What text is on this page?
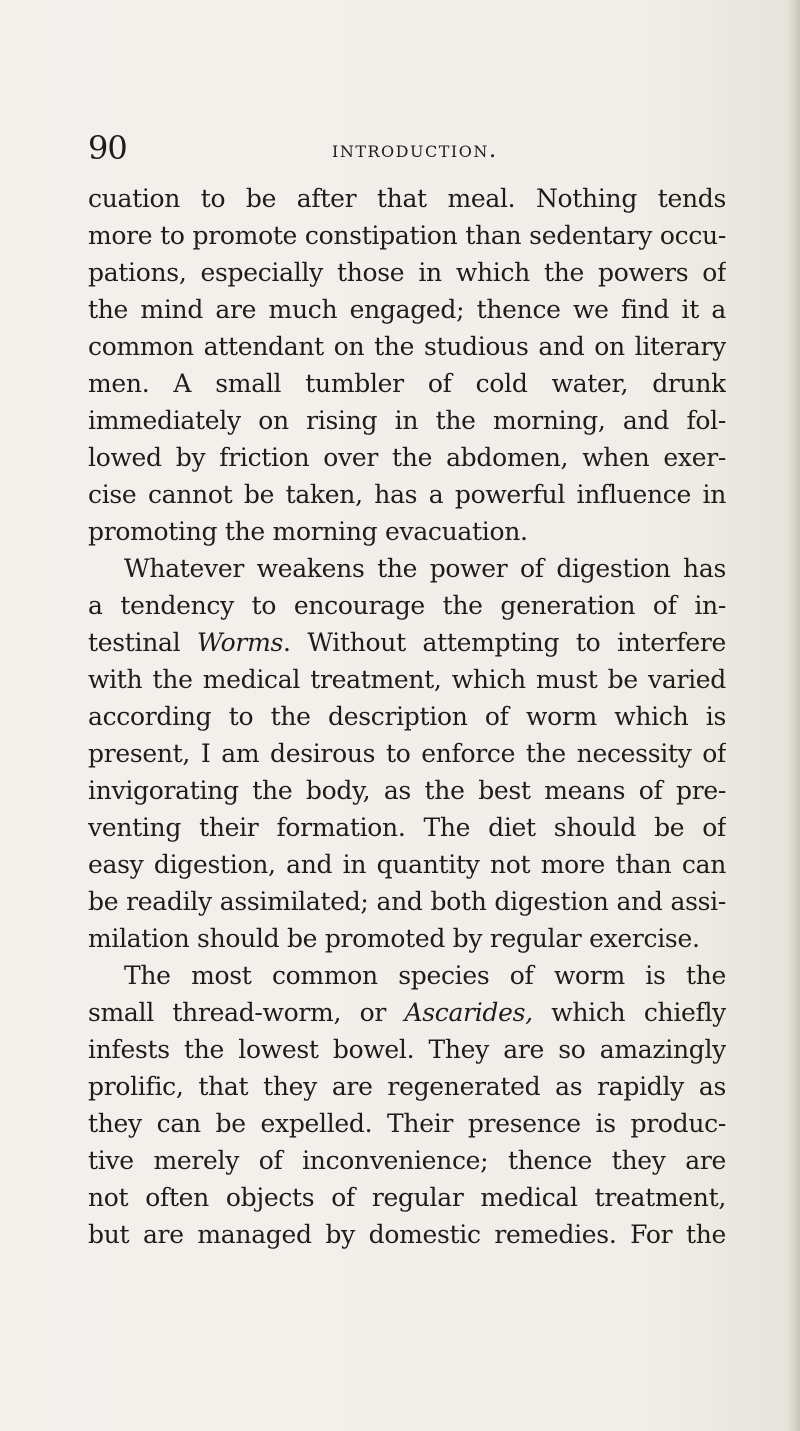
90	introduction.
cuation to be after that meal. Nothing tends
more to promote constipation than sedentary occu-
pations, especially those in which the powers of
the mind are much engaged; thence we find it a
common attendant on the studious and on literary
men. A small tumbler of cold water, drunk
immediately on rising in the morning, and fol-
lowed by friction over the abdomen, when exer-
cise cannot be taken, has a powerful influence in
promoting the morning evacuation.
Whatever weakens the power of digestion has
a tendency to encourage the generation of in-
testinal Worms. Without attempting to interfere
with the medical treatment, which must be varied
according to the description of worm which is
present, I am desirous to enforce the necessity of
invigorating the body, as the best means of pre-
venting their formation. The diet should be of
easy digestion, and in quantity not more than can
be readily assimilated; and both digestion and assi-
milation should be promoted by regular exercise.
The most common species of worm is the
small thread-worm, or Ascarides, which chiefly
infests the lowest bowel. They are so amazingly
prolific, that they are regenerated as rapidly as
they can be expelled. Their presence is produc-
tive merely of inconvenience; thence they are
not often objects of regular medical treatment,
but are managed by domestic remedies. For the
